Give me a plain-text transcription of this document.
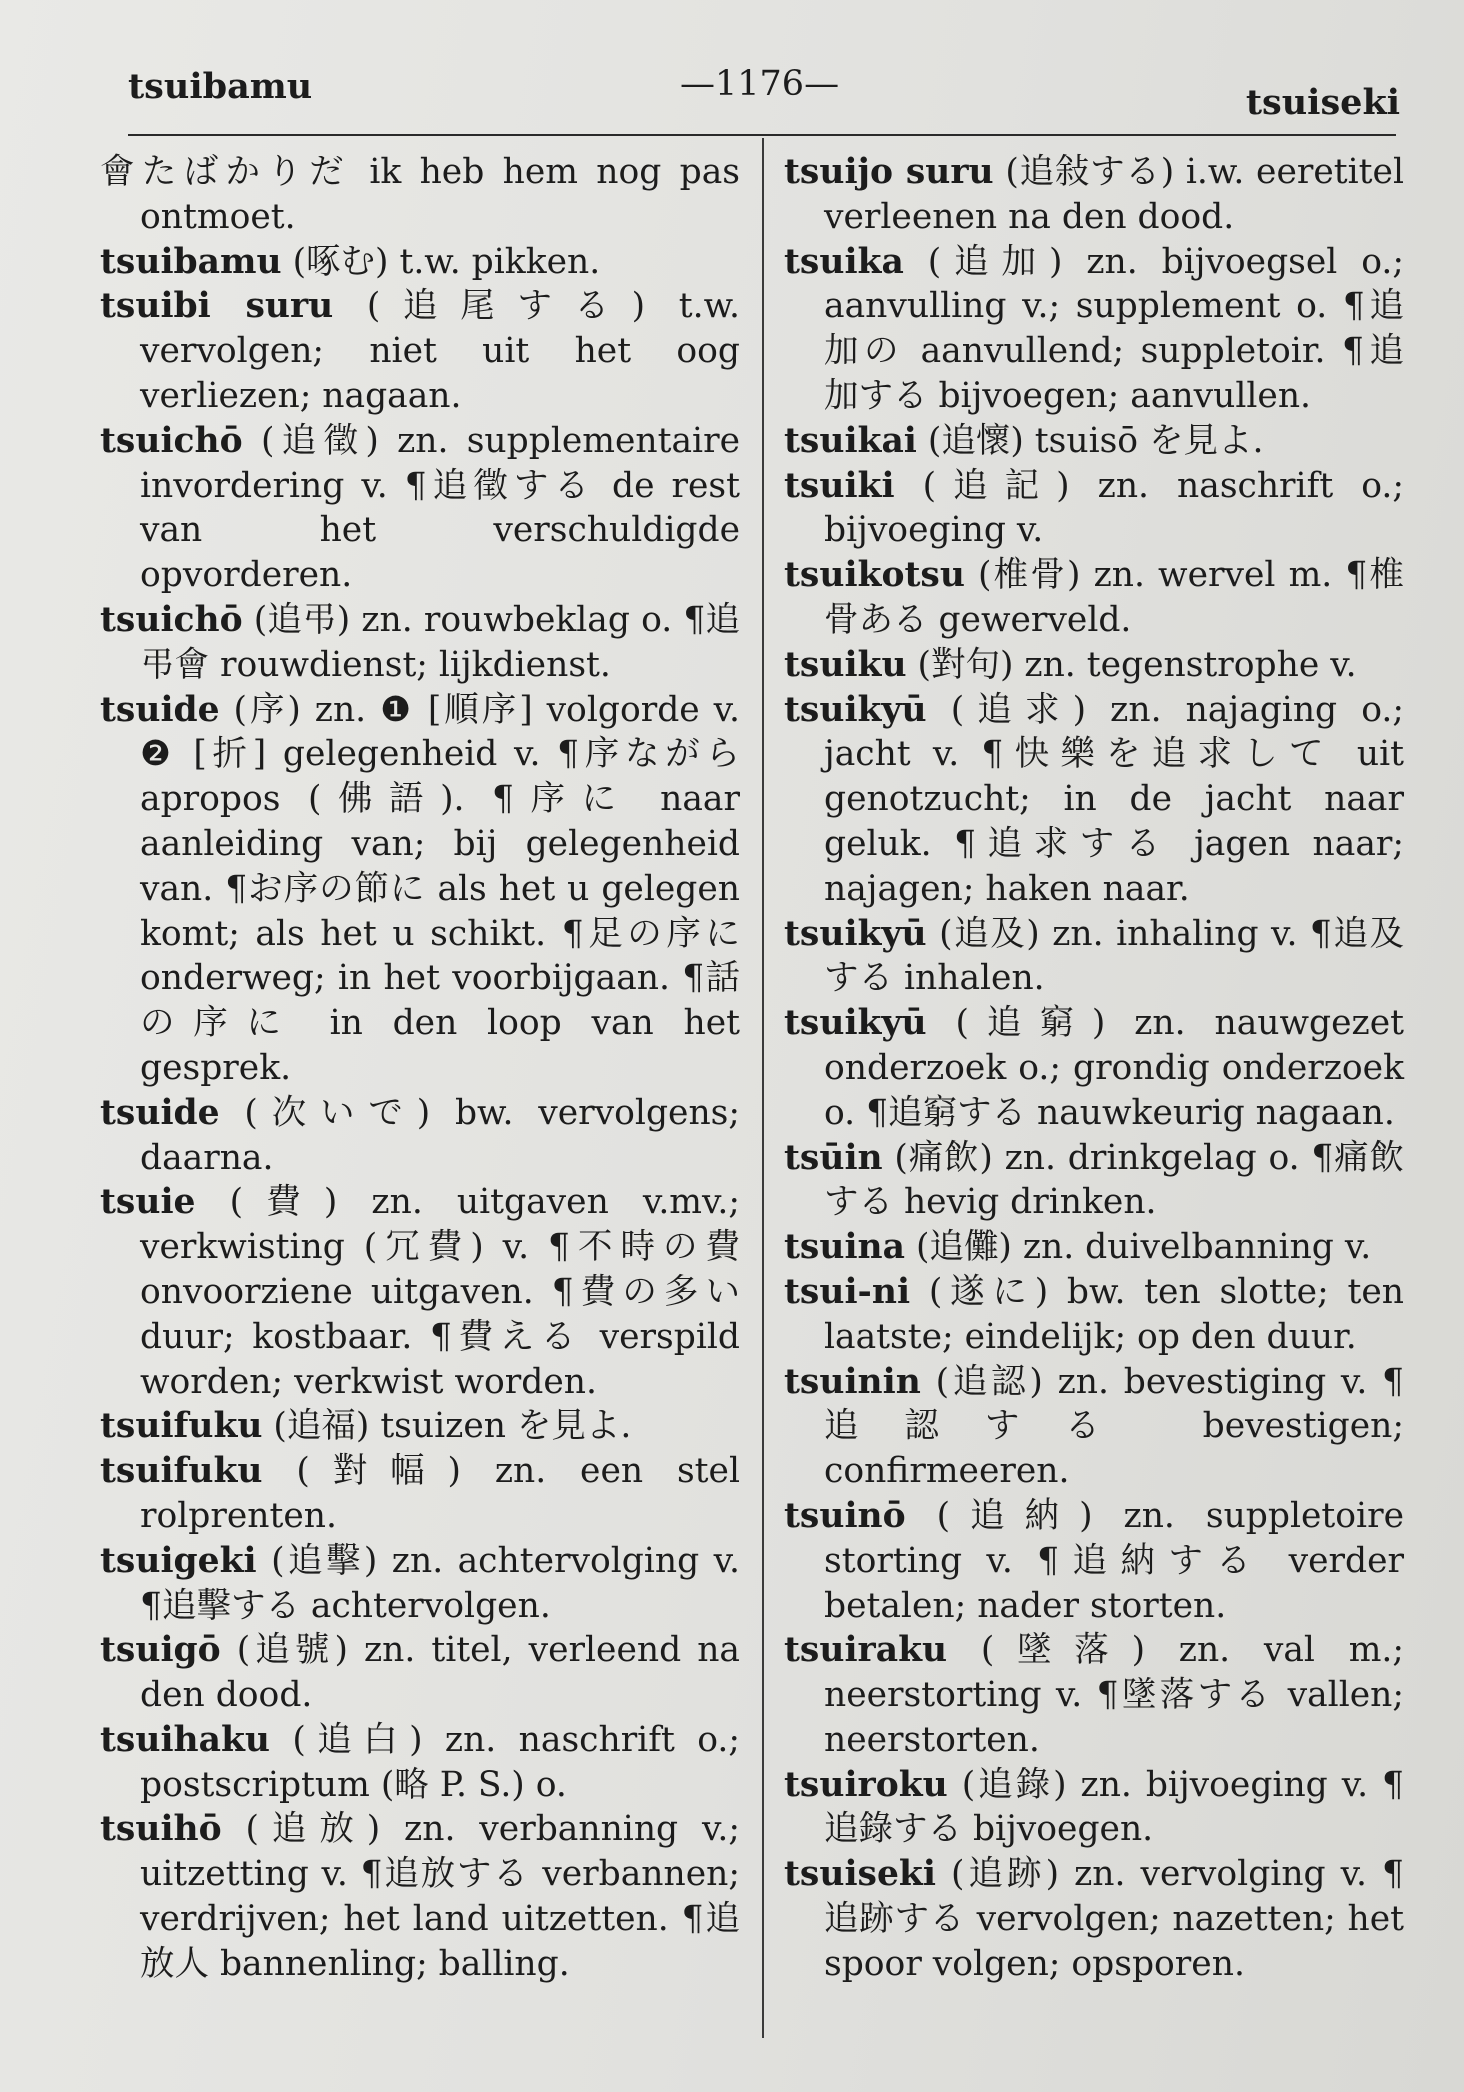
tsuibamu	—1176—	tsuiseki
會たばかりだ ik heb hem nog pas ontmoet.
tsuibamu (啄む) t.w. pikken.
tsuibi suru (追尾する) t.w. vervolgen; niet uit het oog verliezen; nagaan.
tsuichō (追徵) zn. supplementaire invordering v. ¶追徵する de rest van het verschuldigde opvorderen.
tsuichō (追弔) zn. rouwbeklag o. ¶追弔會 rouwdienst; lijkdienst.
tsuide (序) zn. ❶ [順序] volgorde v. ❷ [折] gelegenheid v. ¶序ながら apropos (佛語). ¶序に naar aanleiding van; bij gelegenheid van. ¶お序の節に als het u gelegen komt; als het u schikt. ¶足の序に onderweg; in het voorbijgaan. ¶話の序に in den loop van het gesprek.
tsuide (次いで) bw. vervolgens; daarna.
tsuie (費) zn. uitgaven v.mv.; verkwisting (冗費) v. ¶不時の費 onvoorziene uitgaven. ¶費の多い duur; kostbaar. ¶費える verspild worden; verkwist worden.
tsuifuku (追福) tsuizen を見よ.
tsuifuku (對幅) zn. een stel rolprenten.
tsuigeki (追擊) zn. achtervolging v. ¶追擊する achtervolgen.
tsuigō (追號) zn. titel, verleend na den dood.
tsuihaku (追白) zn. naschrift o.; postscriptum (略 P. S.) o.
tsuihō (追放) zn. verbanning v.; uitzetting v. ¶追放する verbannen; verdrijven; het land uitzetten. ¶追放人 bannenling; balling.
tsuijo suru (追敍する) i.w. eeretitel verleenen na den dood.
tsuika (追加) zn. bijvoegsel o.; aanvulling v.; supplement o. ¶追加の aanvullend; suppletoir. ¶追加する bijvoegen; aanvullen.
tsuikai (追懷) tsuisō を見よ.
tsuiki (追記) zn. naschrift o.; bijvoeging v.
tsuikotsu (椎骨) zn. wervel m. ¶椎骨ある gewerveld.
tsuiku (對句) zn. tegenstrophe v.
tsuikyū (追求) zn. najaging o.; jacht v. ¶快樂を追求して uit genotzucht; in de jacht naar geluk. ¶追求する jagen naar; najagen; haken naar.
tsuikyū (追及) zn. inhaling v. ¶追及する inhalen.
tsuikyū (追窮) zn. nauwgezet onderzoek o.; grondig onderzoek o. ¶追窮する nauwkeurig nagaan.
tsūin (痛飲) zn. drinkgelag o. ¶痛飲する hevig drinken.
tsuina (追儺) zn. duivelbanning v.
tsui-ni (遂に) bw. ten slotte; ten laatste; eindelijk; op den duur.
tsuinin (追認) zn. bevestiging v. ¶追認する bevestigen; confirmeeren.
tsuinō (追納) zn. suppletoire storting v. ¶追納する verder betalen; nader storten.
tsuiraku (墜落) zn. val m.; neerstorting v. ¶墜落する vallen; neerstorten.
tsuiroku (追錄) zn. bijvoeging v. ¶追錄する bijvoegen.
tsuiseki (追跡) zn. vervolging v. ¶追跡する vervolgen; nazetten; het spoor volgen; opsporen.
